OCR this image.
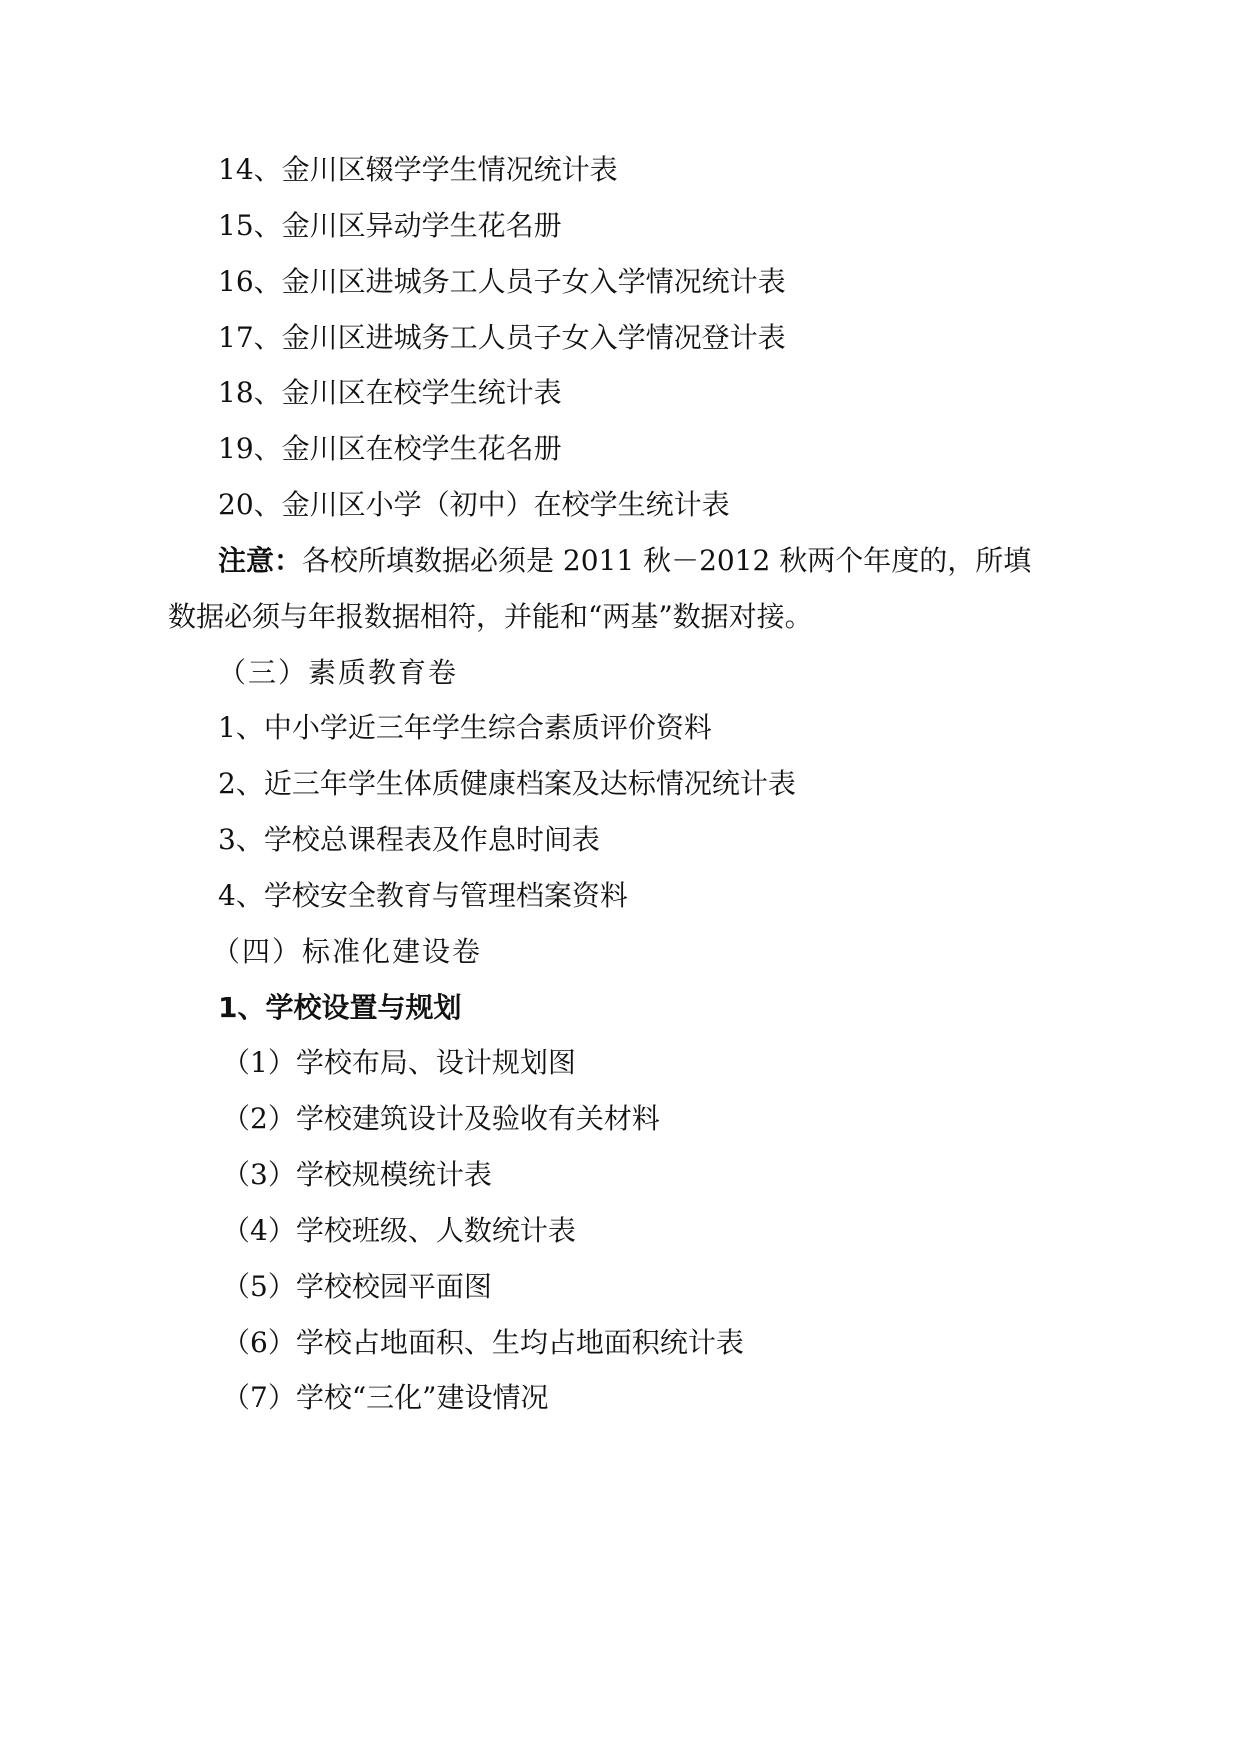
14、金川区辍学学生情况统计表
15、金川区异动学生花名册
16、金川区进城务工人员子女入学情况统计表
17、金川区进城务工人员子女入学情况登计表
18、金川区在校学生统计表
19、金川区在校学生花名册
20、金川区小学（初中）在校学生统计表
注意：各校所填数据必须是 2011 秋－2012 秋两个年度的，所填
数据必须与年报数据相符，并能和“两基”数据对接。
（三）素质教育卷
1、中小学近三年学生综合素质评价资料
2、近三年学生体质健康档案及达标情况统计表
3、学校总课程表及作息时间表
4、学校安全教育与管理档案资料
（四）标准化建设卷
1、学校设置与规划
（1）学校布局、设计规划图
（2）学校建筑设计及验收有关材料
（3）学校规模统计表
（4）学校班级、人数统计表
（5）学校校园平面图
（6）学校占地面积、生均占地面积统计表
（7）学校“三化”建设情况
